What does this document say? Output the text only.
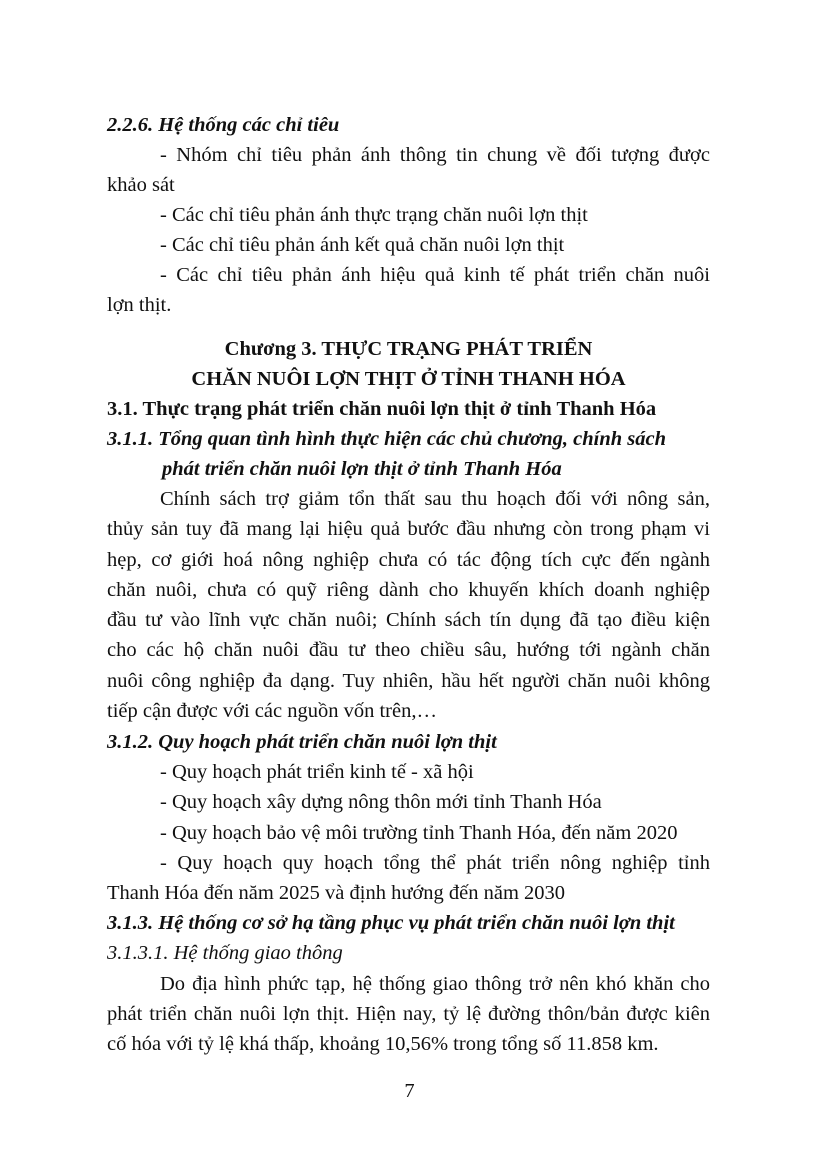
2.2.6. Hệ thống các chỉ tiêu
- Nhóm chỉ tiêu phản ánh thông tin chung về đối tượng được
khảo sát
- Các chỉ tiêu phản ánh thực trạng chăn nuôi lợn thịt
- Các chỉ tiêu phản ánh kết quả chăn nuôi lợn thịt
- Các chỉ tiêu phản ánh hiệu quả kinh tế phát triển chăn nuôi
lợn thịt.
Chương 3. THỰC TRẠNG PHÁT TRIỂN
CHĂN NUÔI LỢN THỊT Ở TỈNH THANH HÓA
3.1. Thực trạng phát triển chăn nuôi lợn thịt ở tỉnh Thanh Hóa
3.1.1. Tổng quan tình hình thực hiện các chủ chương, chính sách
phát triển chăn nuôi lợn thịt ở tỉnh Thanh Hóa
Chính sách trợ giảm tổn thất sau thu hoạch đối với nông sản,
thủy sản tuy đã mang lại hiệu quả bước đầu nhưng còn trong phạm vi
hẹp, cơ giới hoá nông nghiệp chưa có tác động tích cực đến ngành
chăn nuôi, chưa có quỹ riêng dành cho khuyến khích doanh nghiệp
đầu tư vào lĩnh vực chăn nuôi; Chính sách tín dụng đã tạo điều kiện
cho các hộ chăn nuôi đầu tư theo chiều sâu, hướng tới ngành chăn
nuôi công nghiệp đa dạng. Tuy nhiên, hầu hết người chăn nuôi không
tiếp cận được với các nguồn vốn trên,…
3.1.2. Quy hoạch phát triển chăn nuôi lợn thịt
- Quy hoạch phát triển kinh tế - xã hội
- Quy hoạch xây dựng nông thôn mới tỉnh Thanh Hóa
- Quy hoạch bảo vệ môi trường tỉnh Thanh Hóa, đến năm 2020
- Quy hoạch quy hoạch tổng thể phát triển nông nghiệp tỉnh
Thanh Hóa đến năm 2025 và định hướng đến năm 2030
3.1.3. Hệ thống cơ sở hạ tầng phục vụ phát triển chăn nuôi lợn thịt
3.1.3.1. Hệ thống giao thông
Do địa hình phức tạp, hệ thống giao thông trở nên khó khăn cho
phát triển chăn nuôi lợn thịt. Hiện nay, tỷ lệ đường thôn/bản được kiên
cố hóa với tỷ lệ khá thấp, khoảng 10,56% trong tổng số 11.858 km.
7
